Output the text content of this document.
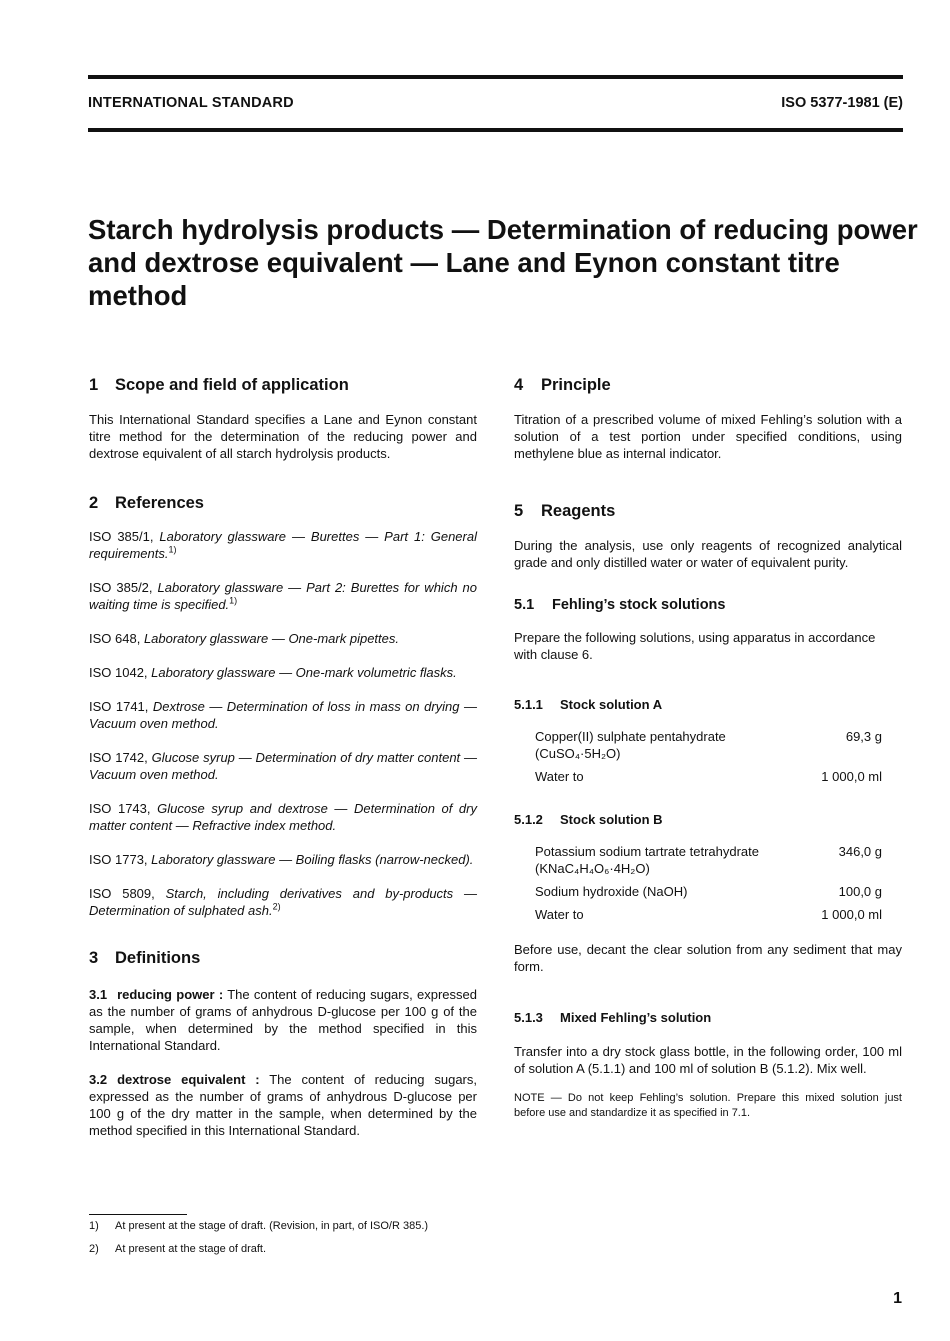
INTERNATIONAL STANDARD	ISO 5377-1981 (E)
Starch hydrolysis products — Determination of reducing power and dextrose equivalent — Lane and Eynon constant titre method
1 Scope and field of application

This International Standard specifies a Lane and Eynon constant titre method for the determination of the reducing power and dextrose equivalent of all starch hydrolysis products.

2 References

ISO 385/1, Laboratory glassware — Burettes — Part 1: General requirements.$^{1)}$

ISO 385/2, Laboratory glassware — Part 2: Burettes for which no waiting time is specified.$^{1)}$

ISO 648, Laboratory glassware — One-mark pipettes.

ISO 1042, Laboratory glassware — One-mark volumetric flasks.

ISO 1741, Dextrose — Determination of loss in mass on drying — Vacuum oven method.

ISO 1742, Glucose syrup — Determination of dry matter content — Vacuum oven method.

ISO 1743, Glucose syrup and dextrose — Determination of dry matter content — Refractive index method.

ISO 1773, Laboratory glassware — Boiling flasks (narrow-necked).

ISO 5809, Starch, including derivatives and by-products — Determination of sulphated ash.$^{2)}$

3 Definitions

3.1 reducing power : The content of reducing sugars, expressed as the number of grams of anhydrous D-glucose per 100 g of the sample, when determined by the method specified in this International Standard.

3.2 dextrose equivalent : The content of reducing sugars, expressed as the number of grams of anhydrous D-glucose per 100 g of the dry matter in the sample, when determined by the method specified in this International Standard.

4 Principle

Titration of a prescribed volume of mixed Fehling’s solution with a solution of a test portion under specified conditions, using methylene blue as internal indicator.

5 Reagents

During the analysis, use only reagents of recognized analytical grade and only distilled water or water of equivalent purity.

5.1 Fehling’s stock solutions

Prepare the following solutions, using apparatus in accordance with clause 6.

5.1.1 Stock solution A
Copper(II) sulphate pentahydrate
(CuSO₄·5H₂O)	69,3 g
Water to	1 000,0 ml
5.1.2 Stock solution B
Potassium sodium tartrate tetrahydrate
(KNaC₄H₄O₆·4H₂O)	346,0 g
Sodium hydroxide (NaOH)	100,0 g
Water to	1 000,0 ml

Before use, decant the clear solution from any sediment that may form.

5.1.3 Mixed Fehling’s solution

Transfer into a dry stock glass bottle, in the following order, 100 ml of solution A (5.1.1) and 100 ml of solution B (5.1.2). Mix well.

NOTE — Do not keep Fehling’s solution. Prepare this mixed solution just before use and standardize it as specified in 7.1.

1) At present at the stage of draft. (Revision, in part, of ISO/R 385.)
2) At present at the stage of draft.
1
